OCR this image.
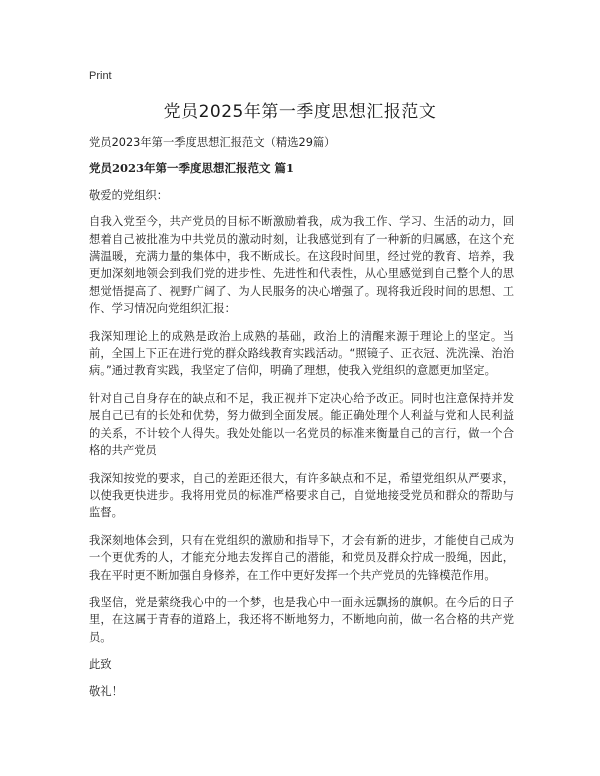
Print
党员2025年第一季度思想汇报范文

党员2023年第一季度思想汇报范文（精选29篇）

党员2023年第一季度思想汇报范文 篇1

敬爱的党组织：

自我入党至今，共产党员的目标不断激励着我，成为我工作、学习、生活的动力，回想着自己被批准为中共党员的激动时刻，让我感觉到有了一种新的归属感，在这个充满温暖，充满力量的集体中，我不断成长。在这段时间里，经过党的教育、培养，我更加深刻地领会到我们党的进步性、先进性和代表性，从心里感觉到自己整个人的思想觉悟提高了、视野广阔了、为人民服务的决心增强了。现将我近段时间的思想、工作、学习情况向党组织汇报：

我深知理论上的成熟是政治上成熟的基础，政治上的清醒来源于理论上的坚定。当前，全国上下正在进行党的群众路线教育实践活动。“照镜子、正衣冠、洗洗澡、治治病。”通过教育实践，我坚定了信仰，明确了理想，使我入党组织的意愿更加坚定。

针对自己自身存在的缺点和不足，我正视并下定决心给予改正。同时也注意保持并发展自己已有的长处和优势，努力做到全面发展。能正确处理个人利益与党和人民利益的关系，不计较个人得失。我处处能以一名党员的标准来衡量自己的言行，做一个合格的共产党员

我深知按党的要求，自己的差距还很大，有许多缺点和不足，希望党组织从严要求，以使我更快进步。我将用党员的标准严格要求自己，自觉地接受党员和群众的帮助与监督。

我深刻地体会到，只有在党组织的激励和指导下，才会有新的进步，才能使自己成为一个更优秀的人，才能充分地去发挥自己的潜能，和党员及群众拧成一股绳，因此，我在平时更不断加强自身修养，在工作中更好发挥一个共产党员的先锋模范作用。

我坚信，党是萦绕我心中的一个梦，也是我心中一面永远飘扬的旗帜。在今后的日子里，在这属于青春的道路上，我还将不断地努力，不断地向前，做一名合格的共产党员。

此致

敬礼！
